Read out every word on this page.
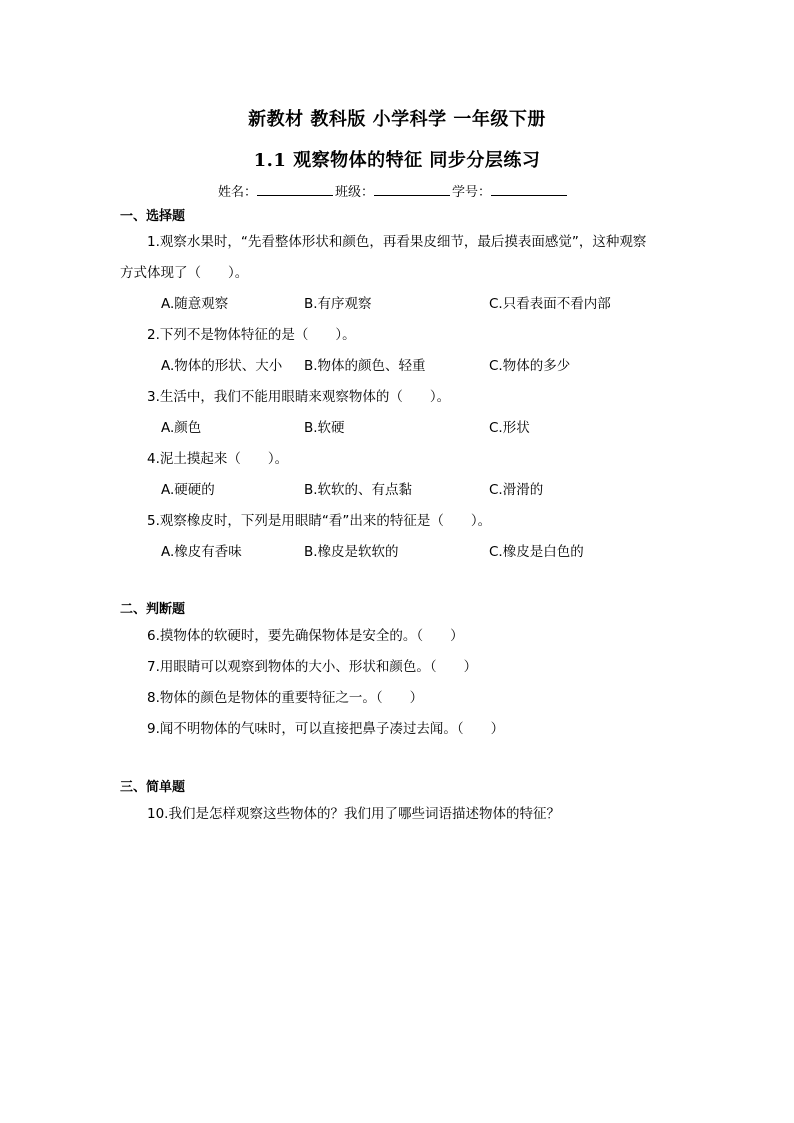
新教材 教科版 小学科学 一年级下册
1.1 观察物体的特征 同步分层练习
姓名：	班级：	学号：
一、选择题
1.观察水果时，“先看整体形状和颜色，再看果皮细节，最后摸表面感觉”，这种观察
方式体现了（　　）。
A.随意观察	B.有序观察	C.只看表面不看内部
2.下列不是物体特征的是（　　）。
A.物体的形状、大小 B.物体的颜色、轻重	C.物体的多少
3.生活中，我们不能用眼睛来观察物体的（　　）。
A.颜色	B.软硬	C.形状
4.泥土摸起来（　　）。
A.硬硬的	B.软软的、有点黏	C.滑滑的
5.观察橡皮时，下列是用眼睛“看”出来的特征是（　　）。
A.橡皮有香味	B.橡皮是软软的	C.橡皮是白色的
二、判断题
6.摸物体的软硬时，要先确保物体是安全的。（　　）
7.用眼睛可以观察到物体的大小、形状和颜色。（　　）
8.物体的颜色是物体的重要特征之一。（　　）
9.闻不明物体的气味时，可以直接把鼻子凑过去闻。（　　）
三、简单题
10.我们是怎样观察这些物体的？我们用了哪些词语描述物体的特征？
